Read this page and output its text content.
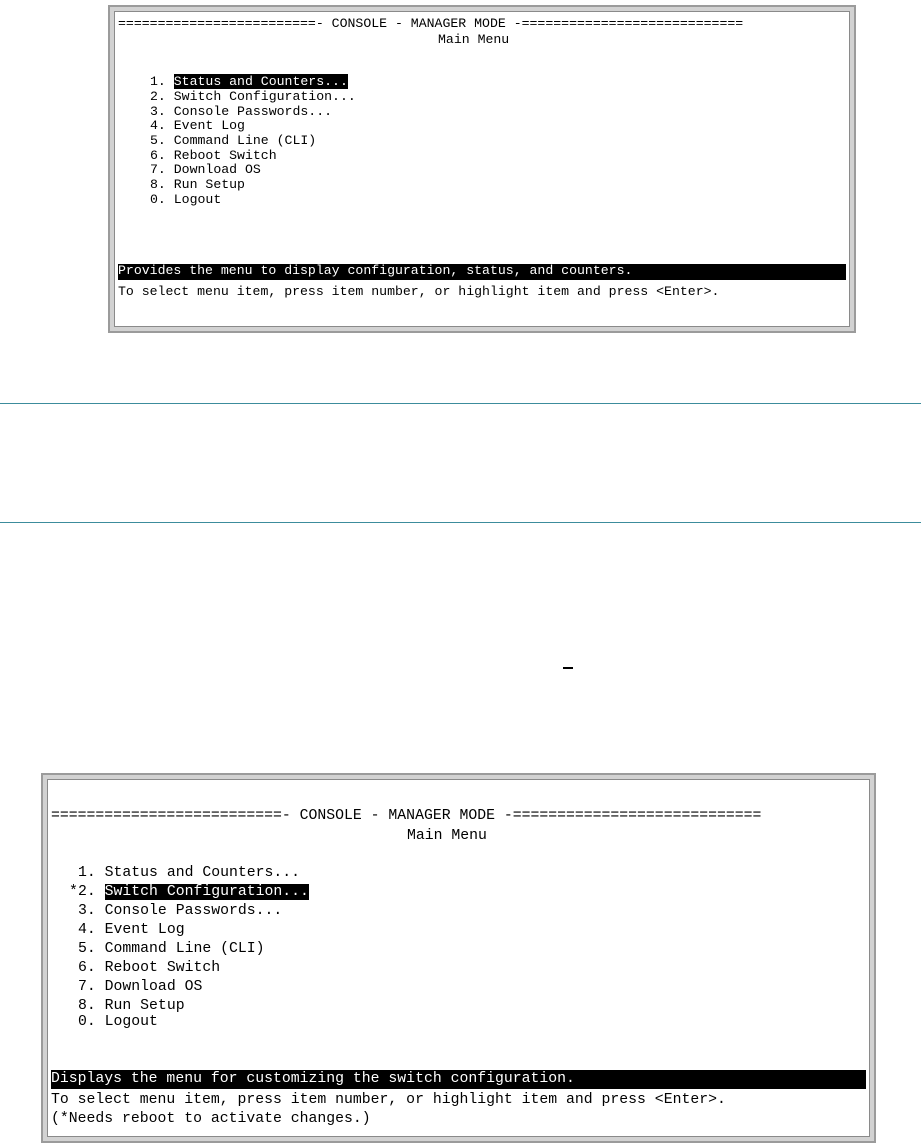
=========================- CONSOLE - MANAGER MODE -============================

Main Menu

1. Status and Counters...

2. Switch Configuration...

3. Console Passwords...

4. Event Log

5. Command Line (CLI)

6. Reboot Switch

7. Download OS

8. Run Setup

0. Logout

Provides the menu to display configuration, status, and counters.

To select menu item, press item number, or highlight item and press <Enter>.

==========================- CONSOLE - MANAGER MODE -============================

Main Menu

1. Status and Counters...

*2. Switch Configuration...

3. Console Passwords...

4. Event Log

5. Command Line (CLI)

6. Reboot Switch

7. Download OS

8. Run Setup

0. Logout

Displays the menu for customizing the switch configuration.

To select menu item, press item number, or highlight item and press <Enter>.

(*Needs reboot to activate changes.)
